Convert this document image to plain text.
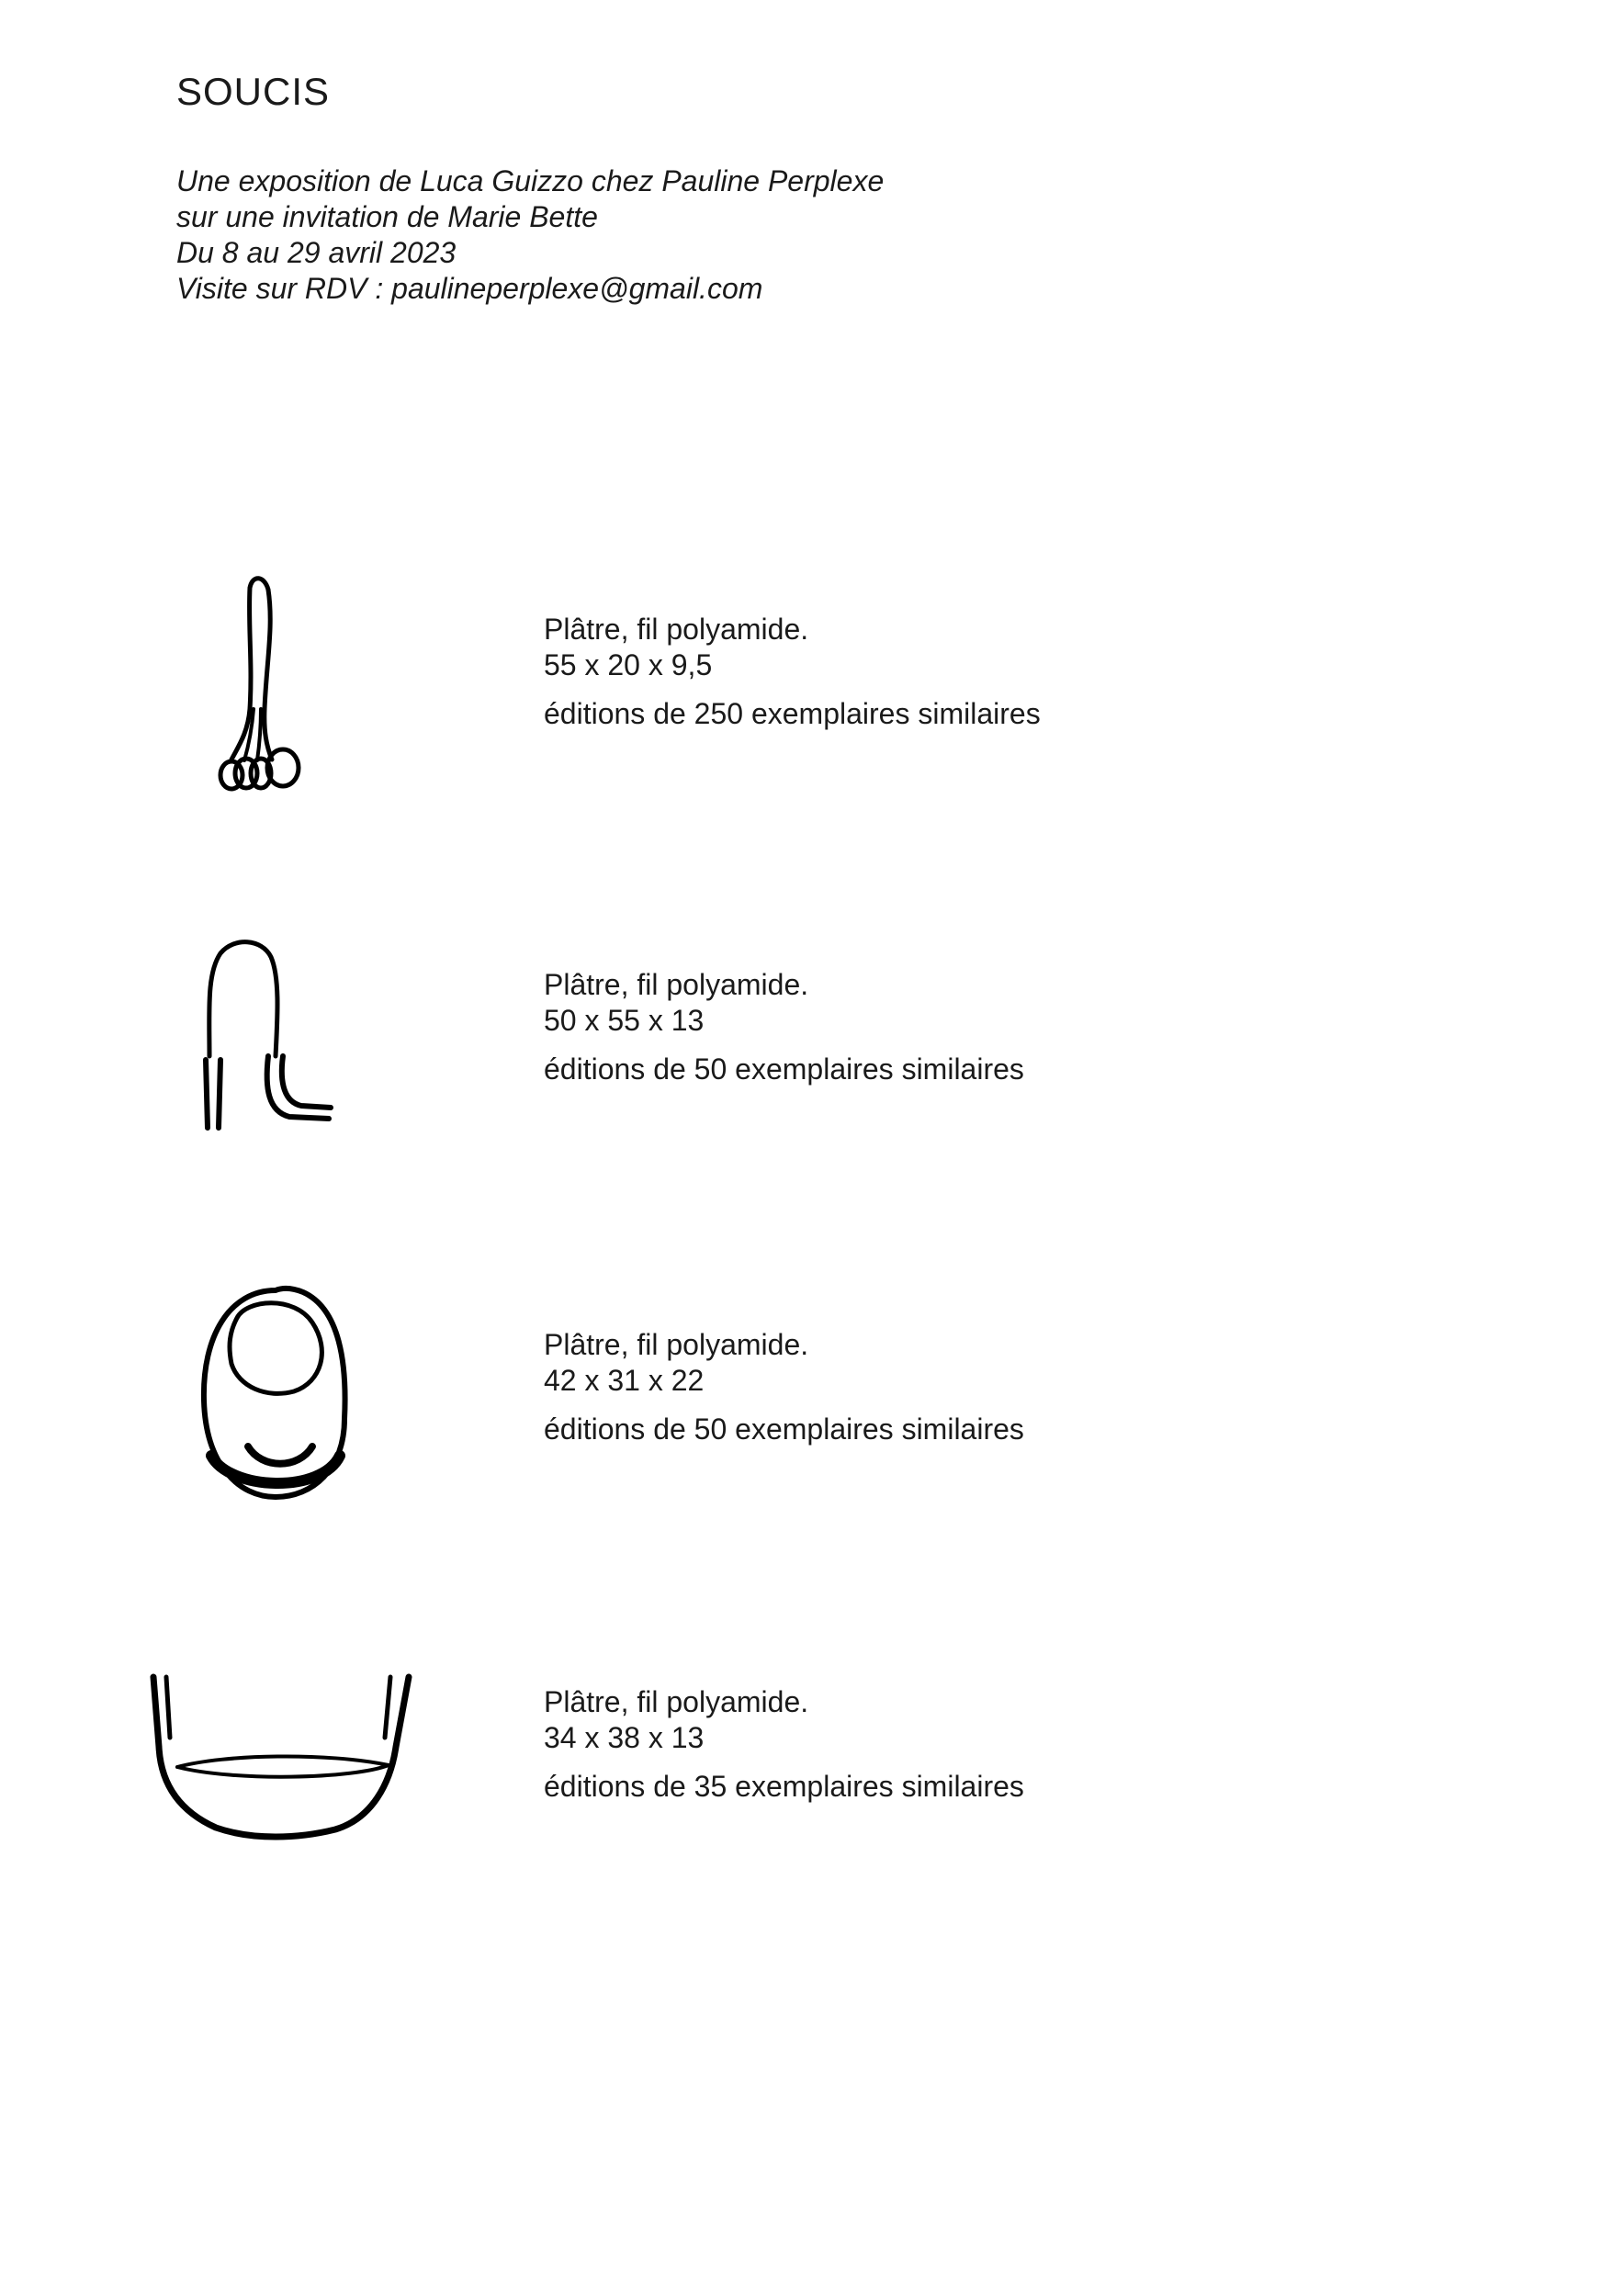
SOUCIS
Une exposition de Luca Guizzo chez Pauline Perplexe
sur une invitation de Marie Bette
Du 8 au 29 avril 2023
Visite sur RDV : paulineperplexe@gmail.com
Plâtre, fil polyamide.
55 x 20 x 9,5
éditions de 250 exemplaires similaires
Plâtre, fil polyamide.
50 x 55 x 13
éditions de 50 exemplaires similaires
Plâtre, fil polyamide.
42 x 31 x 22
éditions de 50 exemplaires similaires
Plâtre, fil polyamide.
34 x 38 x 13
éditions de 35 exemplaires similaires
